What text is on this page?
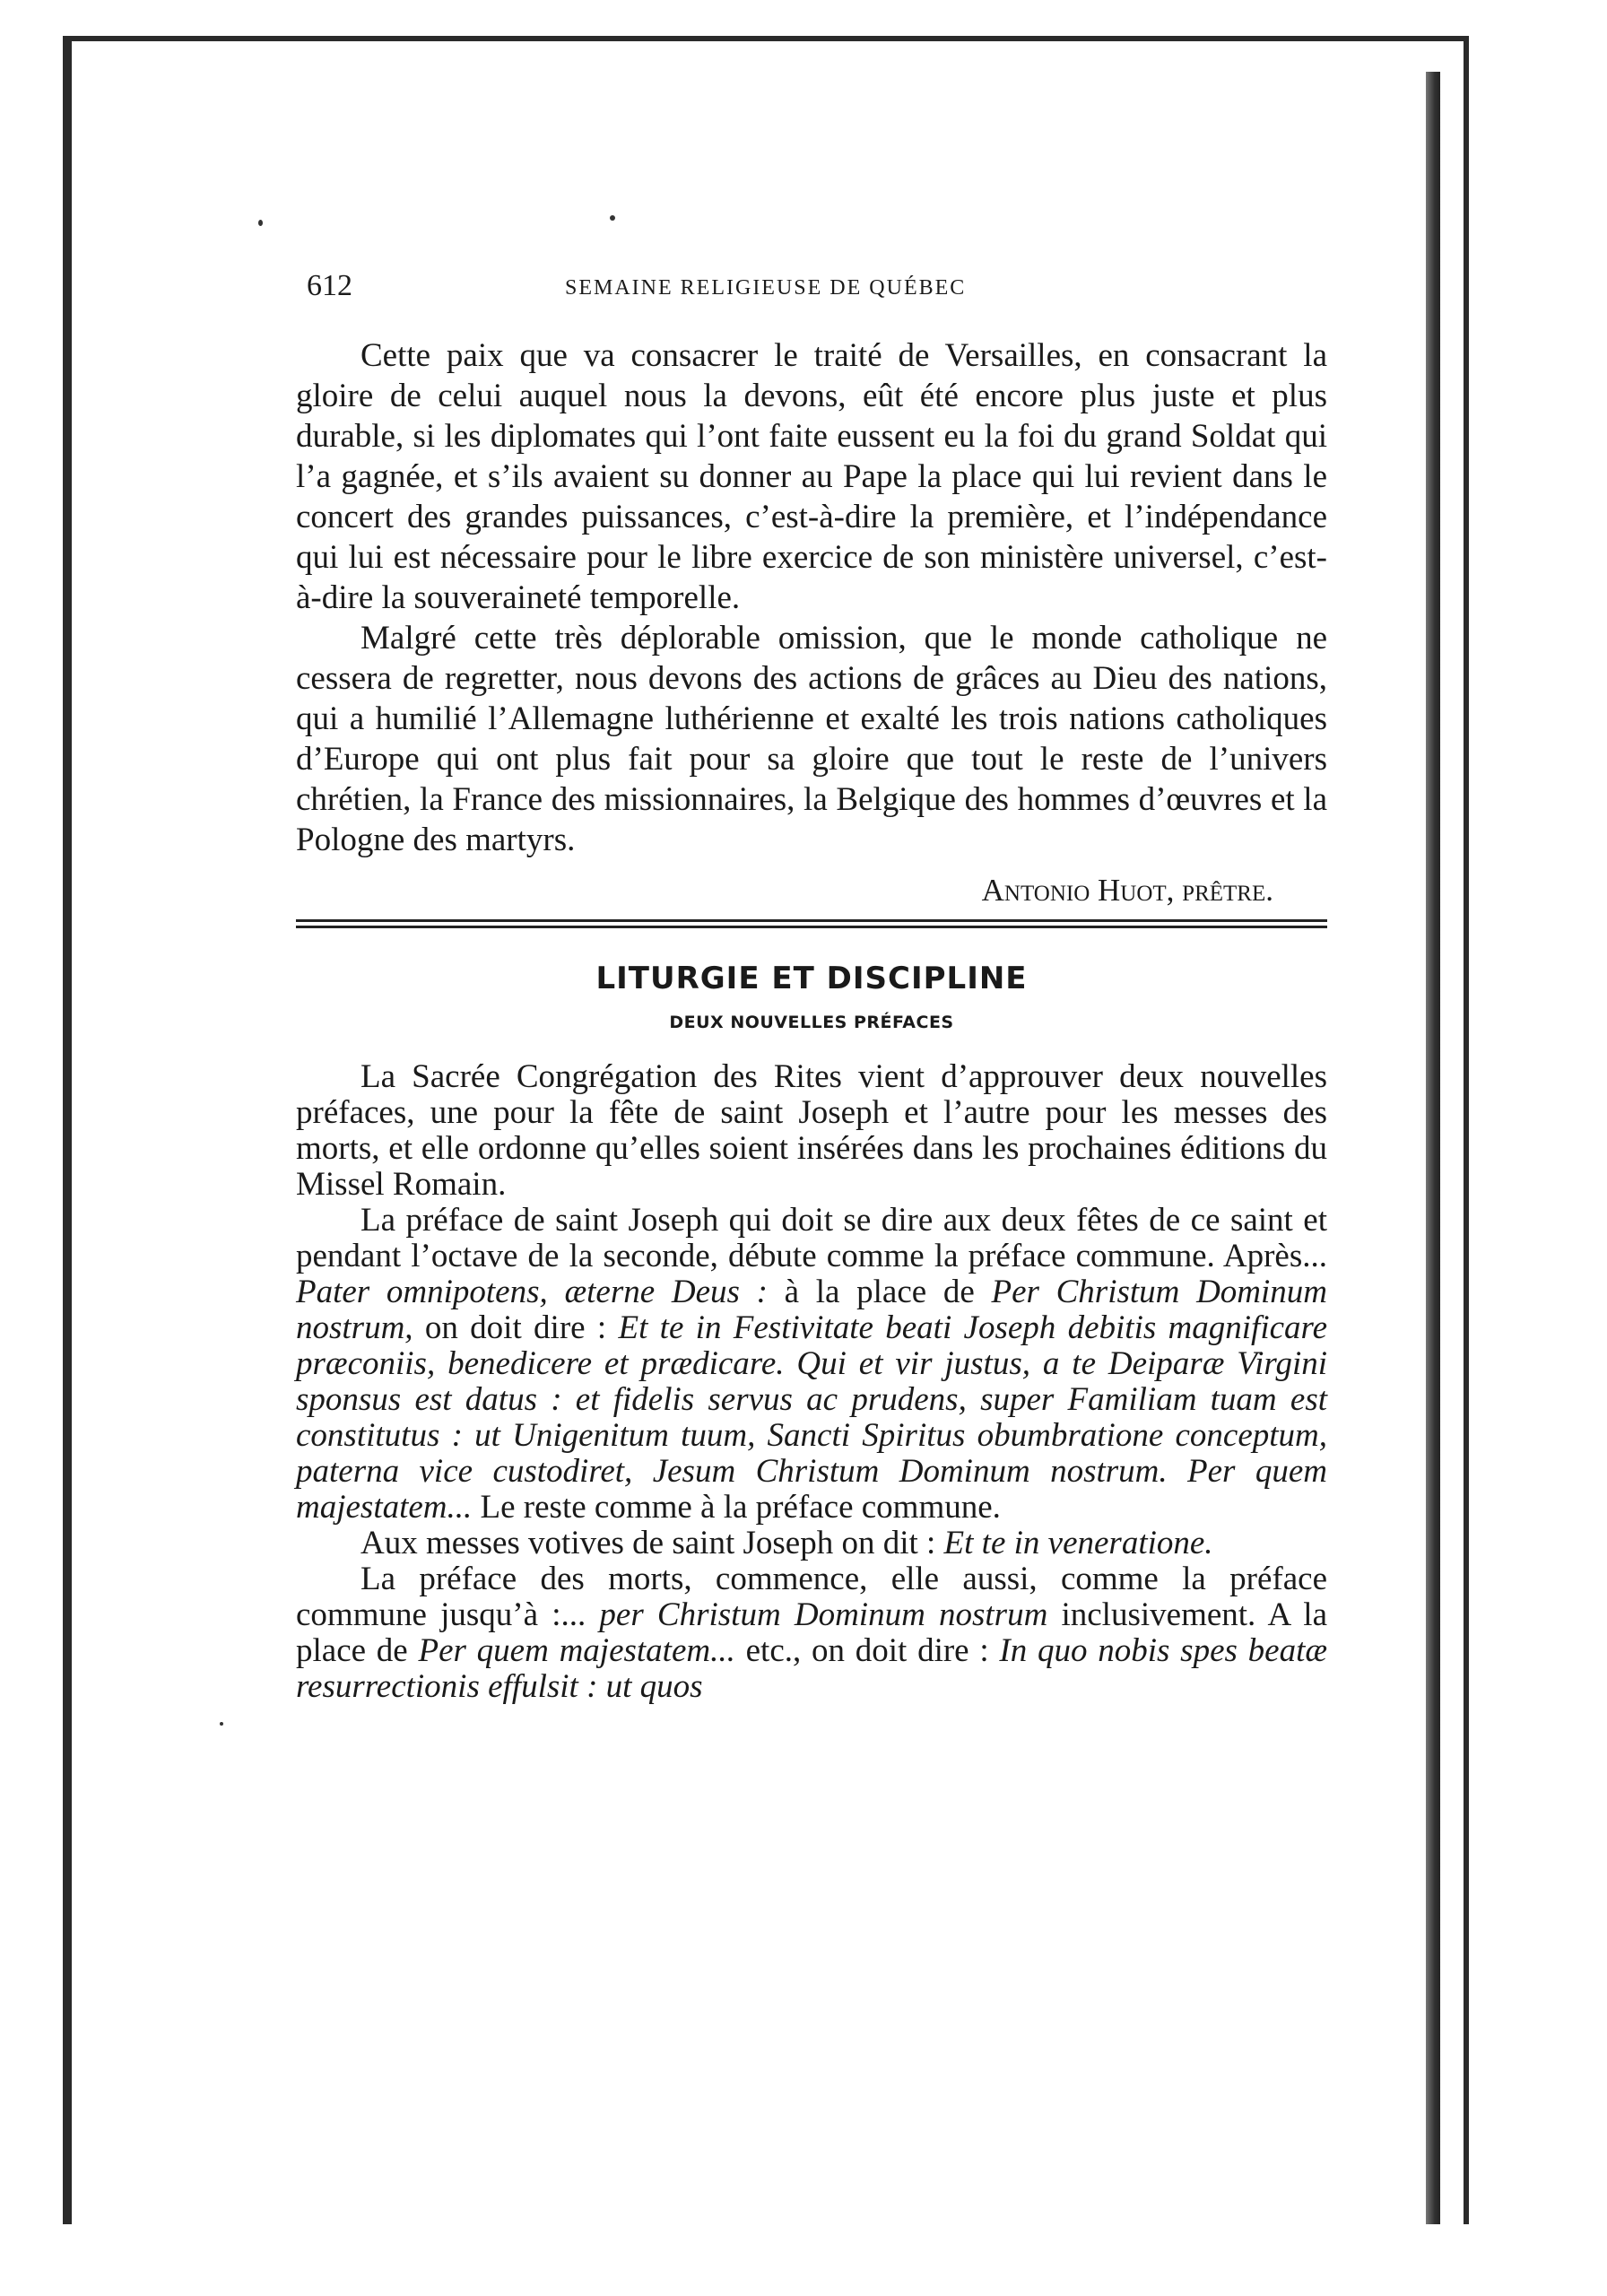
612	SEMAINE RELIGIEUSE DE QUÉBEC

Cette paix que va consacrer le traité de Versailles, en consacrant la gloire de celui auquel nous la devons, eût été encore plus juste et plus durable, si les diplomates qui l’ont faite eussent eu la foi du grand Soldat qui l’a gagnée, et s’ils avaient su donner au Pape la place qui lui revient dans le concert des grandes puissances, c’est-à-dire la première, et l’indépendance qui lui est nécessaire pour le libre exercice de son ministère universel, c’est-à-dire la souveraineté temporelle.

Malgré cette très déplorable omission, que le monde catholique ne cessera de regretter, nous devons des actions de grâces au Dieu des nations, qui a humilié l’Allemagne luthérienne et exalté les trois nations catholiques d’Europe qui ont plus fait pour sa gloire que tout le reste de l’univers chrétien, la France des missionnaires, la Belgique des hommes d’œuvres et la Pologne des martyrs.

Antonio Huot, prêtre.
LITURGIE ET DISCIPLINE
DEUX NOUVELLES PRÉFACES

La Sacrée Congrégation des Rites vient d’approuver deux nouvelles préfaces, une pour la fête de saint Joseph et l’autre pour les messes des morts, et elle ordonne qu’elles soient insérées dans les prochaines éditions du Missel Romain.

La préface de saint Joseph qui doit se dire aux deux fêtes de ce saint et pendant l’octave de la seconde, débute comme la préface commune. Après... Pater omnipotens, æterne Deus : à la place de Per Christum Dominum nostrum, on doit dire : Et te in Festivitate beati Joseph debitis magnificare præconiis, benedicere et prædicare. Qui et vir justus, a te Deiparæ Virgini sponsus est datus : et fidelis servus ac prudens, super Familiam tuam est constitutus : ut Unigenitum tuum, Sancti Spiritus obumbratione conceptum, paterna vice custodiret, Jesum Christum Dominum nostrum. Per quem majestatem... Le reste comme à la préface commune.

Aux messes votives de saint Joseph on dit : Et te in veneratione.

La préface des morts, commence, elle aussi, comme la préface commune jusqu’à :... per Christum Dominum nostrum inclusivement. A la place de Per quem majestatem... etc., on doit dire : In quo nobis spes beatæ resurrectionis effulsit : ut quos
